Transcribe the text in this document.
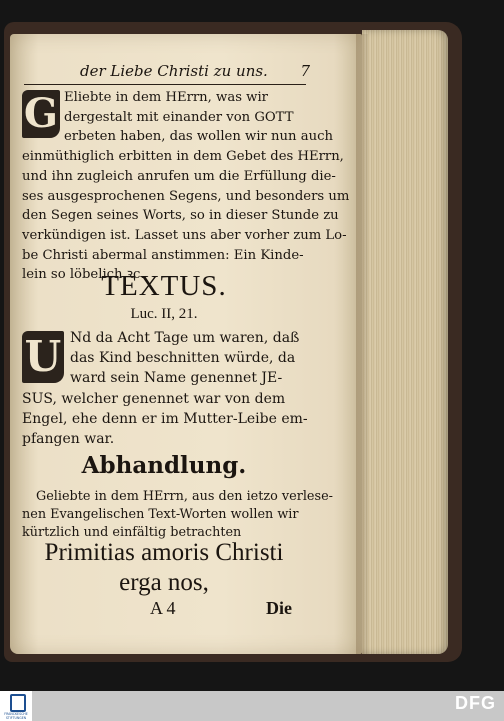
der Liebe Christi zu uns. 7
G Eliebte in dem HErrn, was wir
dergestalt mit einander von GOTT
erbeten haben, das wollen wir nun auch
einmüthiglich erbitten in dem Gebet des HErrn,
und ihn zugleich anrufen um die Erfüllung die-
ses ausgesprochenen Segens, und besonders um
den Segen seines Worts, so in dieser Stunde zu
verkündigen ist. Lasset uns aber vorher zum Lo-
be Christi abermal anstimmen: Ein Kinde-
lein so löbelich ꝛc.
TEXTUS.
Luc. II, 21.
U Nd da Acht Tage um waren, daß
das Kind beschnitten würde, da
ward sein Name genennet JE-
SUS, welcher genennet war von dem
Engel, ehe denn er im Mutter-Leibe em-
pfangen war.
Abhandlung.
Geliebte in dem HErrn, aus den ietzo verlese-
nen Evangelischen Text-Worten wollen wir
kürtzlich und einfältig betrachten
Primitias amoris Christi
erga nos,
A 4	Die
FRANCKESCHE STIFTUNGEN
DFG
